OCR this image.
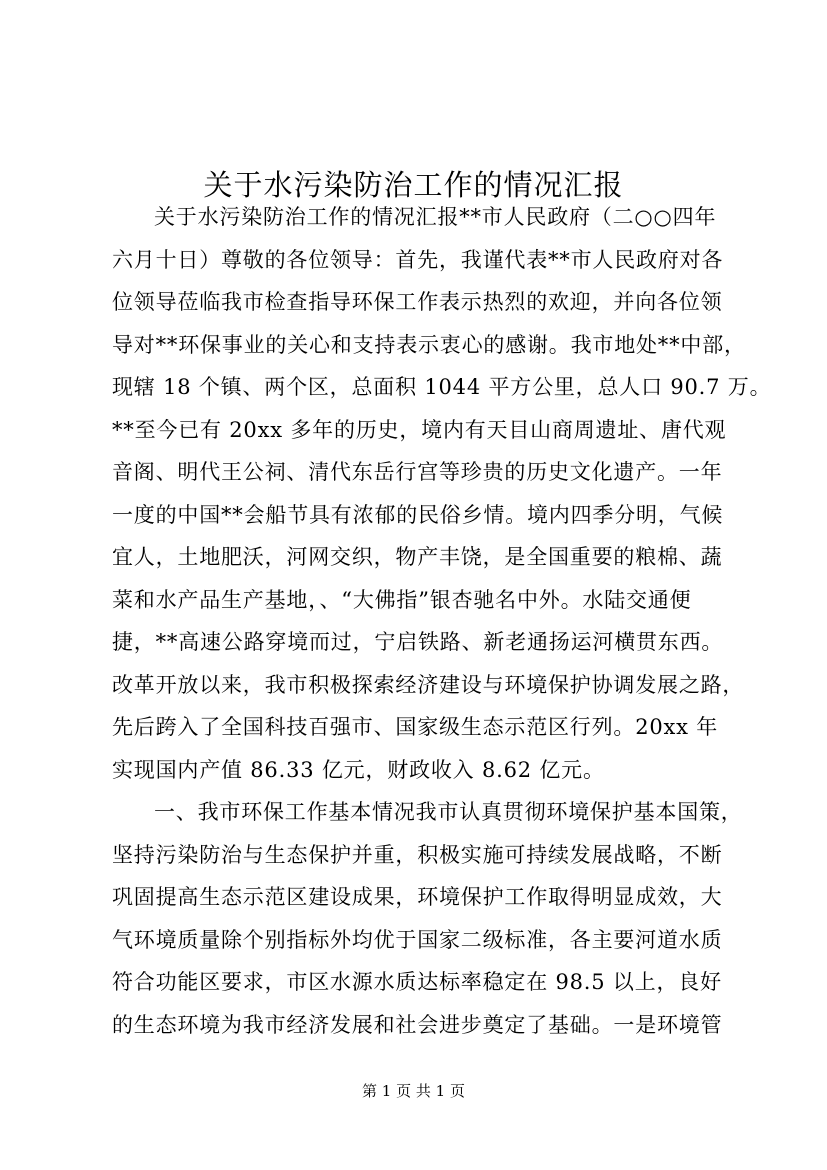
关于水污染防治工作的情况汇报
关于水污染防治工作的情况汇报**市人民政府（二○○四年
六月十日）尊敬的各位领导：首先，我谨代表**市人民政府对各
位领导莅临我市检查指导环保工作表示热烈的欢迎，并向各位领
导对**环保事业的关心和支持表示衷心的感谢。我市地处**中部，
现辖 18 个镇、两个区，总面积 1044 平方公里，总人口 90.7 万。
**至今已有 20xx 多年的历史，境内有天目山商周遗址、唐代观
音阁、明代王公祠、清代东岳行宫等珍贵的历史文化遗产。一年
一度的中国**会船节具有浓郁的民俗乡情。境内四季分明，气候
宜人，土地肥沃，河网交织，物产丰饶，是全国重要的粮棉、蔬
菜和水产品生产基地，、“大佛指”银杏驰名中外。水陆交通便
捷，**高速公路穿境而过，宁启铁路、新老通扬运河横贯东西。
改革开放以来，我市积极探索经济建设与环境保护协调发展之路，
先后跨入了全国科技百强市、国家级生态示范区行列。20xx 年
实现国内产值 86.33 亿元，财政收入 8.62 亿元。
一、我市环保工作基本情况我市认真贯彻环境保护基本国策，
坚持污染防治与生态保护并重，积极实施可持续发展战略，不断
巩固提高生态示范区建设成果，环境保护工作取得明显成效，大
气环境质量除个别指标外均优于国家二级标准，各主要河道水质
符合功能区要求，市区水源水质达标率稳定在 98.5 以上，良好
的生态环境为我市经济发展和社会进步奠定了基础。一是环境管
第 1 页 共 1 页
